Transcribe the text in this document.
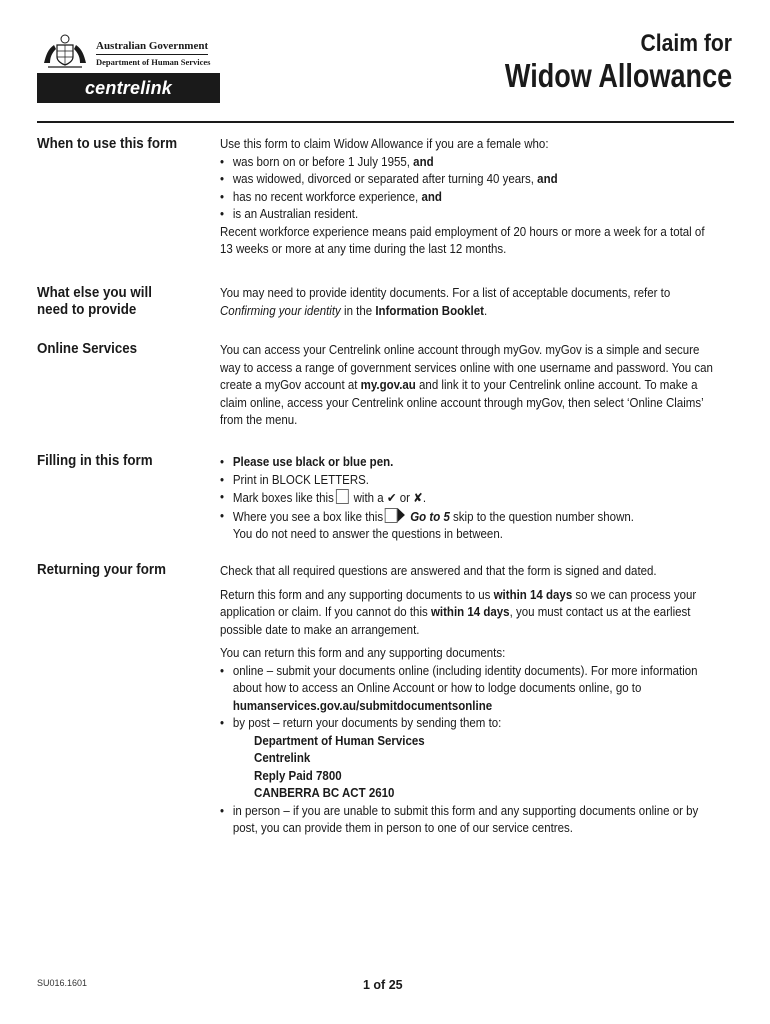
Australian Government
Department of Human Services
centrelink
Claim for
Widow Allowance
When to use this form	Use this form to claim Widow Allowance if you are a female who:

• was born on or before 1 July 1955, and
• was widowed, divorced or separated after turning 40 years, and
• has no recent workforce experience, and
• is an Australian resident.

Recent workforce experience means paid employment of 20 hours or more a week for a total of 13 weeks or more at any time during the last 12 months.

What else you will
need to provide

You may need to provide identity documents. For a list of acceptable documents, refer to Confirming your identity in the Information Booklet.

Online Services	You can access your Centrelink online account through myGov. myGov is a simple and secure way to access a range of government services online with one username and password. You can create a myGov account at my.gov.au and link it to your Centrelink online account. To make a claim online, access your Centrelink online account through myGov, then select ‘Online Claims’ from the menu.

Filling in this form	• Please use black or blue pen.
• Print in BLOCK LETTERS.
• Mark boxes like this with a ✔ or ✘.
• Where you see a box like this Go to 5 skip to the question number shown.
You do not need to answer the questions in between.
Returning your form	Check that all required questions are answered and that the form is signed and dated.

Return this form and any supporting documents to us within 14 days so we can process your application or claim. If you cannot do this within 14 days, you must contact us at the earliest possible date to make an arrangement.

You can return this form and any supporting documents:

• online – submit your documents online (including identity documents). For more information about how to access an Online Account or how to lodge documents online, go to humanservices.gov.au/submitdocumentsonline
• by post – return your documents by sending them to:
Department of Human Services
Centrelink
Reply Paid 7800
CANBERRA BC ACT 2610
• in person – if you are unable to submit this form and any supporting documents online or by post, you can provide them in person to one of our service centres.
SU016.1601	1 of 25
